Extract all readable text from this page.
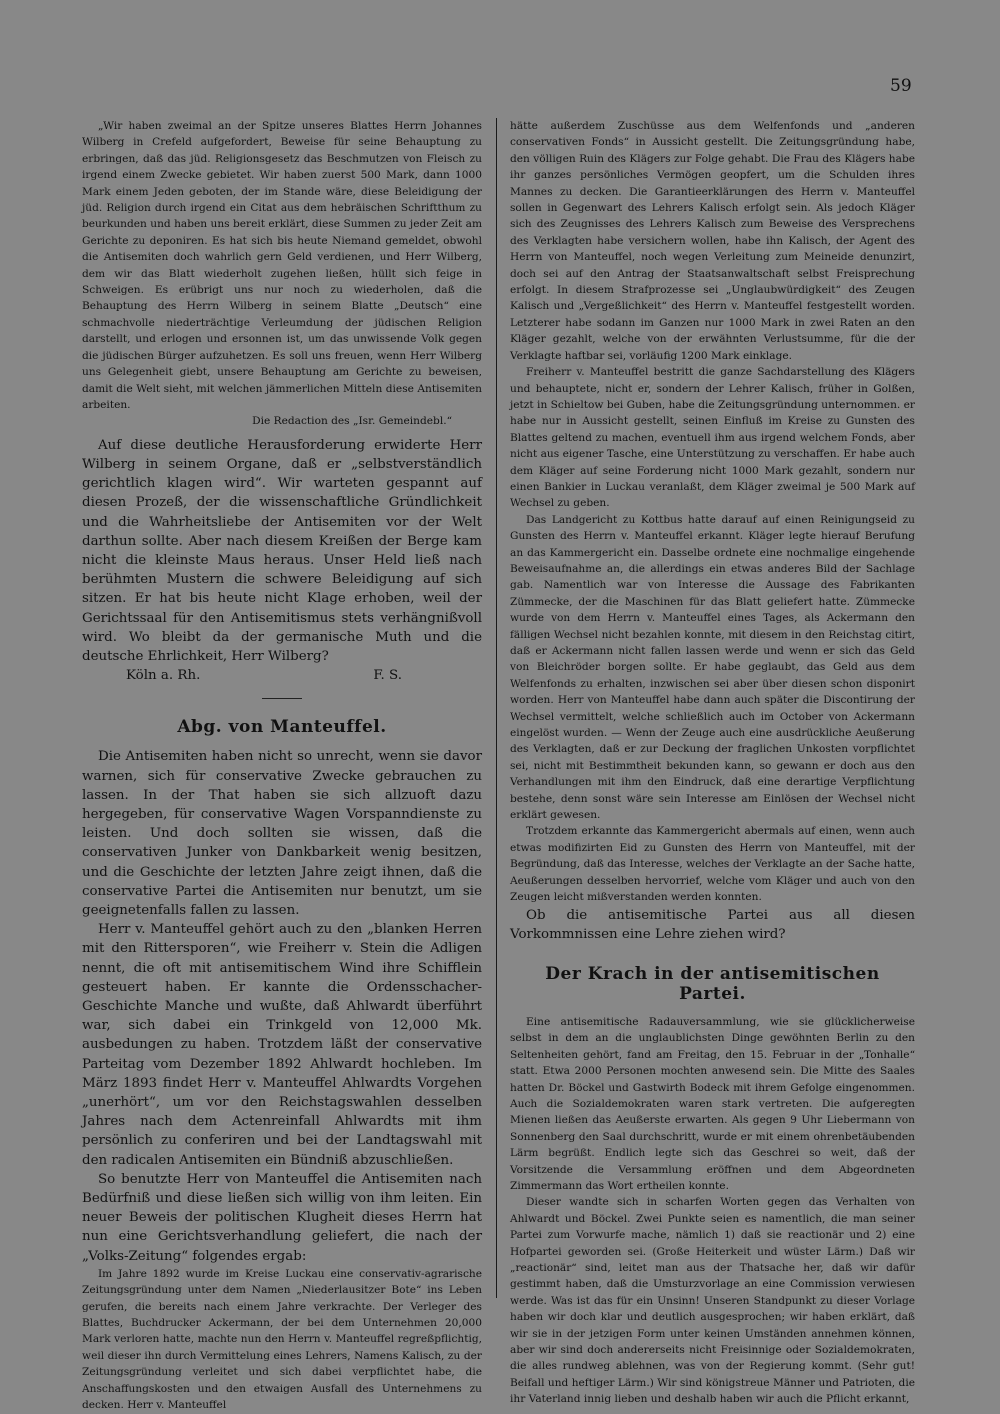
59

„Wir haben zweimal an der Spitze unseres Blattes Herrn Johannes Wilberg in Crefeld aufgefordert, Beweise für seine Behauptung zu erbringen, daß das jüd. Religionsgesetz das Beschmutzen von Fleisch zu irgend einem Zwecke gebietet. Wir haben zuerst 500 Mark, dann 1000 Mark einem Jeden geboten, der im Stande wäre, diese Beleidigung der jüd. Religion durch irgend ein Citat aus dem hebräischen Schriftthum zu beurkunden und haben uns bereit erklärt, diese Summen zu jeder Zeit am Gerichte zu deponiren. Es hat sich bis heute Niemand gemeldet, obwohl die Antisemiten doch wahrlich gern Geld verdienen, und Herr Wilberg, dem wir das Blatt wiederholt zugehen ließen, hüllt sich feige in Schweigen. Es erübrigt uns nur noch zu wiederholen, daß die Behauptung des Herrn Wilberg in seinem Blatte „Deutsch“ eine schmachvolle niederträchtige Verleumdung der jüdischen Religion darstellt, und erlogen und ersonnen ist, um das unwissende Volk gegen die jüdischen Bürger aufzuhetzen. Es soll uns freuen, wenn Herr Wilberg uns Gelegenheit giebt, unsere Behauptung am Gerichte zu beweisen, damit die Welt sieht, mit welchen jämmerlichen Mitteln diese Antisemiten arbeiten.

Die Redaction des „Isr. Gemeindebl.“

Auf diese deutliche Herausforderung erwiderte Herr Wilberg in seinem Organe, daß er „selbstverständlich gerichtlich klagen wird“. Wir warteten gespannt auf diesen Prozeß, der die wissenschaftliche Gründlichkeit und die Wahrheitsliebe der Antisemiten vor der Welt darthun sollte. Aber nach diesem Kreißen der Berge kam nicht die kleinste Maus heraus. Unser Held ließ nach berühmten Mustern die schwere Beleidigung auf sich sitzen. Er hat bis heute nicht Klage erhoben, weil der Gerichtssaal für den Antisemitismus stets verhängnißvoll wird. Wo bleibt da der germanische Muth und die deutsche Ehrlichkeit, Herr Wilberg?

Köln a. Rh.	F. S.
Abg. von Manteuffel.

Die Antisemiten haben nicht so unrecht, wenn sie davor warnen, sich für conservative Zwecke gebrauchen zu lassen. In der That haben sie sich allzuoft dazu hergegeben, für conservative Wagen Vorspanndienste zu leisten. Und doch sollten sie wissen, daß die conservativen Junker von Dankbarkeit wenig besitzen, und die Geschichte der letzten Jahre zeigt ihnen, daß die conservative Partei die Antisemiten nur benutzt, um sie geeignetenfalls fallen zu lassen.

Herr v. Manteuffel gehört auch zu den „blanken Herren mit den Rittersporen“, wie Freiherr v. Stein die Adligen nennt, die oft mit antisemitischem Wind ihre Schifflein gesteuert haben. Er kannte die Ordensschacher-Geschichte Manche und wußte, daß Ahlwardt überführt war, sich dabei ein Trinkgeld von 12,000 Mk. ausbedungen zu haben. Trotzdem läßt der conservative Parteitag vom Dezember 1892 Ahlwardt hochleben. Im März 1893 findet Herr v. Manteuffel Ahlwardts Vorgehen „unerhört“, um vor den Reichstagswahlen desselben Jahres nach dem Actenreinfall Ahlwardts mit ihm persönlich zu conferiren und bei der Landtagswahl mit den radicalen Antisemiten ein Bündniß abzuschließen.

So benutzte Herr von Manteuffel die Antisemiten nach Bedürfniß und diese ließen sich willig von ihm leiten. Ein neuer Beweis der politischen Klugheit dieses Herrn hat nun eine Gerichtsverhandlung geliefert, die nach der „Volks-Zeitung“ folgendes ergab:

Im Jahre 1892 wurde im Kreise Luckau eine conservativ-agrarische Zeitungsgründung unter dem Namen „Niederlausitzer Bote“ ins Leben gerufen, die bereits nach einem Jahre verkrachte. Der Verleger des Blattes, Buchdrucker Ackermann, der bei dem Unternehmen 20,000 Mark verloren hatte, machte nun den Herrn v. Manteuffel regreßpflichtig, weil dieser ihn durch Vermittelung eines Lehrers, Namens Kalisch, zu der Zeitungsgründung verleitet und sich dabei verpflichtet habe, die Anschaffungskosten und den etwaigen Ausfall des Unternehmens zu decken. Herr v. Manteuffel

hätte außerdem Zuschüsse aus dem Welfenfonds und „anderen conservativen Fonds“ in Aussicht gestellt. Die Zeitungsgründung habe, den völligen Ruin des Klägers zur Folge gehabt. Die Frau des Klägers habe ihr ganzes persönliches Vermögen geopfert, um die Schulden ihres Mannes zu decken. Die Garantieerklärungen des Herrn v. Manteuffel sollen in Gegenwart des Lehrers Kalisch erfolgt sein. Als jedoch Kläger sich des Zeugnisses des Lehrers Kalisch zum Beweise des Versprechens des Verklagten habe versichern wollen, habe ihn Kalisch, der Agent des Herrn von Manteuffel, noch wegen Verleitung zum Meineide denunzirt, doch sei auf den Antrag der Staatsanwaltschaft selbst Freisprechung erfolgt. In diesem Strafprozesse sei „Unglaubwürdigkeit“ des Zeugen Kalisch und „Vergeßlichkeit“ des Herrn v. Manteuffel festgestellt worden. Letzterer habe sodann im Ganzen nur 1000 Mark in zwei Raten an den Kläger gezahlt, welche von der erwähnten Verlustsumme, für die der Verklagte haftbar sei, vorläufig 1200 Mark einklage.

Freiherr v. Manteuffel bestritt die ganze Sachdarstellung des Klägers und behauptete, nicht er, sondern der Lehrer Kalisch, früher in Golßen, jetzt in Schieltow bei Guben, habe die Zeitungsgründung unternommen. er habe nur in Aussicht gestellt, seinen Einfluß im Kreise zu Gunsten des Blattes geltend zu machen, eventuell ihm aus irgend welchem Fonds, aber nicht aus eigener Tasche, eine Unterstützung zu verschaffen. Er habe auch dem Kläger auf seine Forderung nicht 1000 Mark gezahlt, sondern nur einen Bankier in Luckau veranlaßt, dem Kläger zweimal je 500 Mark auf Wechsel zu geben.

Das Landgericht zu Kottbus hatte darauf auf einen Reinigungseid zu Gunsten des Herrn v. Manteuffel erkannt. Kläger legte hierauf Berufung an das Kammergericht ein. Dasselbe ordnete eine nochmalige eingehende Beweisaufnahme an, die allerdings ein etwas anderes Bild der Sachlage gab. Namentlich war von Interesse die Aussage des Fabrikanten Zümmecke, der die Maschinen für das Blatt geliefert hatte. Zümmecke wurde von dem Herrn v. Manteuffel eines Tages, als Ackermann den fälligen Wechsel nicht bezahlen konnte, mit diesem in den Reichstag citirt, daß er Ackermann nicht fallen lassen werde und wenn er sich das Geld von Bleichröder borgen sollte. Er habe geglaubt, das Geld aus dem Welfenfonds zu erhalten, inzwischen sei aber über diesen schon disponirt worden. Herr von Manteuffel habe dann auch später die Discontirung der Wechsel vermittelt, welche schließlich auch im October von Ackermann eingelöst wurden. — Wenn der Zeuge auch eine ausdrückliche Aeußerung des Verklagten, daß er zur Deckung der fraglichen Unkosten vorpflichtet sei, nicht mit Bestimmtheit bekunden kann, so gewann er doch aus den Verhandlungen mit ihm den Eindruck, daß eine derartige Verpflichtung bestehe, denn sonst wäre sein Interesse am Einlösen der Wechsel nicht erklärt gewesen.

Trotzdem erkannte das Kammergericht abermals auf einen, wenn auch etwas modifizirten Eid zu Gunsten des Herrn von Manteuffel, mit der Begründung, daß das Interesse, welches der Verklagte an der Sache hatte, Aeußerungen desselben hervorrief, welche vom Kläger und auch von den Zeugen leicht mißverstanden werden konnten.

Ob die antisemitische Partei aus all diesen Vorkommnissen eine Lehre ziehen wird?

Der Krach in der antisemitischen Partei.

Eine antisemitische Radauversammlung, wie sie glücklicherweise selbst in dem an die unglaublichsten Dinge gewöhnten Berlin zu den Seltenheiten gehört, fand am Freitag, den 15. Februar in der „Tonhalle“ statt. Etwa 2000 Personen mochten anwesend sein. Die Mitte des Saales hatten Dr. Böckel und Gastwirth Bodeck mit ihrem Gefolge eingenommen. Auch die Sozialdemokraten waren stark vertreten. Die aufgeregten Mienen ließen das Aeußerste erwarten. Als gegen 9 Uhr Liebermann von Sonnenberg den Saal durchschritt, wurde er mit einem ohrenbetäubenden Lärm begrüßt. Endlich legte sich das Geschrei so weit, daß der Vorsitzende die Versammlung eröffnen und dem Abgeordneten Zimmermann das Wort ertheilen konnte.

Dieser wandte sich in scharfen Worten gegen das Verhalten von Ahlwardt und Böckel. Zwei Punkte seien es namentlich, die man seiner Partei zum Vorwurfe mache, nämlich 1) daß sie reactionär und 2) eine Hofpartei geworden sei. (Große Heiterkeit und wüster Lärm.) Daß wir „reactionär“ sind, leitet man aus der Thatsache her, daß wir dafür gestimmt haben, daß die Umsturzvorlage an eine Commission verwiesen werde. Was ist das für ein Unsinn! Unseren Standpunkt zu dieser Vorlage haben wir doch klar und deutlich ausgesprochen; wir haben erklärt, daß wir sie in der jetzigen Form unter keinen Umständen annehmen können, aber wir sind doch andererseits nicht Freisinnige oder Sozialdemokraten, die alles rundweg ablehnen, was von der Regierung kommt. (Sehr gut! Beifall und heftiger Lärm.) Wir sind königstreue Männer und Patrioten, die ihr Vaterland innig lieben und deshalb haben wir auch die Pflicht erkannt,
